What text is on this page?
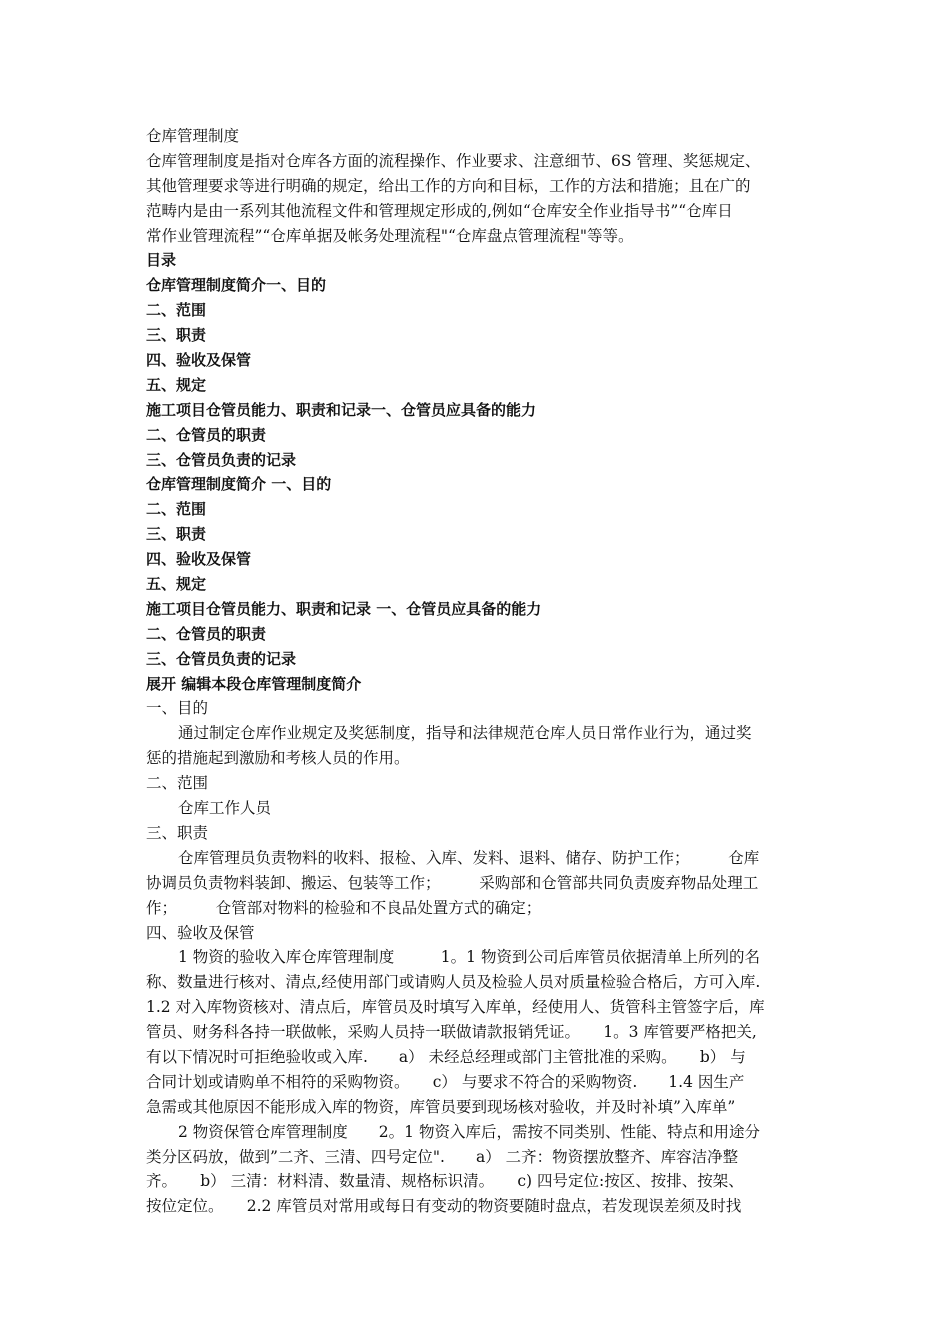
仓库管理制度
仓库管理制度是指对仓库各方面的流程操作、作业要求、注意细节、6S 管理、奖惩规定、
其他管理要求等进行明确的规定，给出工作的方向和目标，工作的方法和措施；且在广的
范畴内是由一系列其他流程文件和管理规定形成的,例如“仓库安全作业指导书”“仓库日
常作业管理流程”“仓库单据及帐务处理流程"“仓库盘点管理流程"等等。
目录
仓库管理制度简介一、目的
二、范围
三、职责
四、验收及保管
五、规定
施工项目仓管员能力、职责和记录一、仓管员应具备的能力
二、仓管员的职责
三、仓管员负责的记录
仓库管理制度简介 一、目的
二、范围
三、职责
四、验收及保管
五、规定
施工项目仓管员能力、职责和记录 一、仓管员应具备的能力
二、仓管员的职责
三、仓管员负责的记录
展开 编辑本段仓库管理制度简介
一、目的
通过制定仓库作业规定及奖惩制度，指导和法律规范仓库人员日常作业行为，通过奖
惩的措施起到激励和考核人员的作用。
二、范围
仓库工作人员
三、职责
仓库管理员负责物料的收料、报检、入库、发料、退料、储存、防护工作；　　　仓库
协调员负责物料装卸、搬运、包装等工作；　　　采购部和仓管部共同负责废弃物品处理工
作；　　　仓管部对物料的检验和不良品处置方式的确定；
四、验收及保管
1 物资的验收入库仓库管理制度　　　1。1 物资到公司后库管员依据清单上所列的名
称、数量进行核对、清点,经使用部门或请购人员及检验人员对质量检验合格后，方可入库.
1.2 对入库物资核对、清点后，库管员及时填写入库单，经使用人、货管科主管签字后，库
管员、财务科各持一联做帐，采购人员持一联做请款报销凭证。　　1。3 库管要严格把关,
有以下情况时可拒绝验收或入库.　　a） 未经总经理或部门主管批准的采购。　　b） 与
合同计划或请购单不相符的采购物资。　　c） 与要求不符合的采购物资.　　1.4 因生产
急需或其他原因不能形成入库的物资，库管员要到现场核对验收，并及时补填”入库单”
2 物资保管仓库管理制度　　2。1 物资入库后，需按不同类别、性能、特点和用途分
类分区码放，做到”二齐、三清、四号定位".　　a） 二齐：物资摆放整齐、库容洁净整
齐。　　b） 三清：材料清、数量清、规格标识清。　　c) 四号定位:按区、按排、按架、
按位定位。　　2.2 库管员对常用或每日有变动的物资要随时盘点，若发现误差须及时找
